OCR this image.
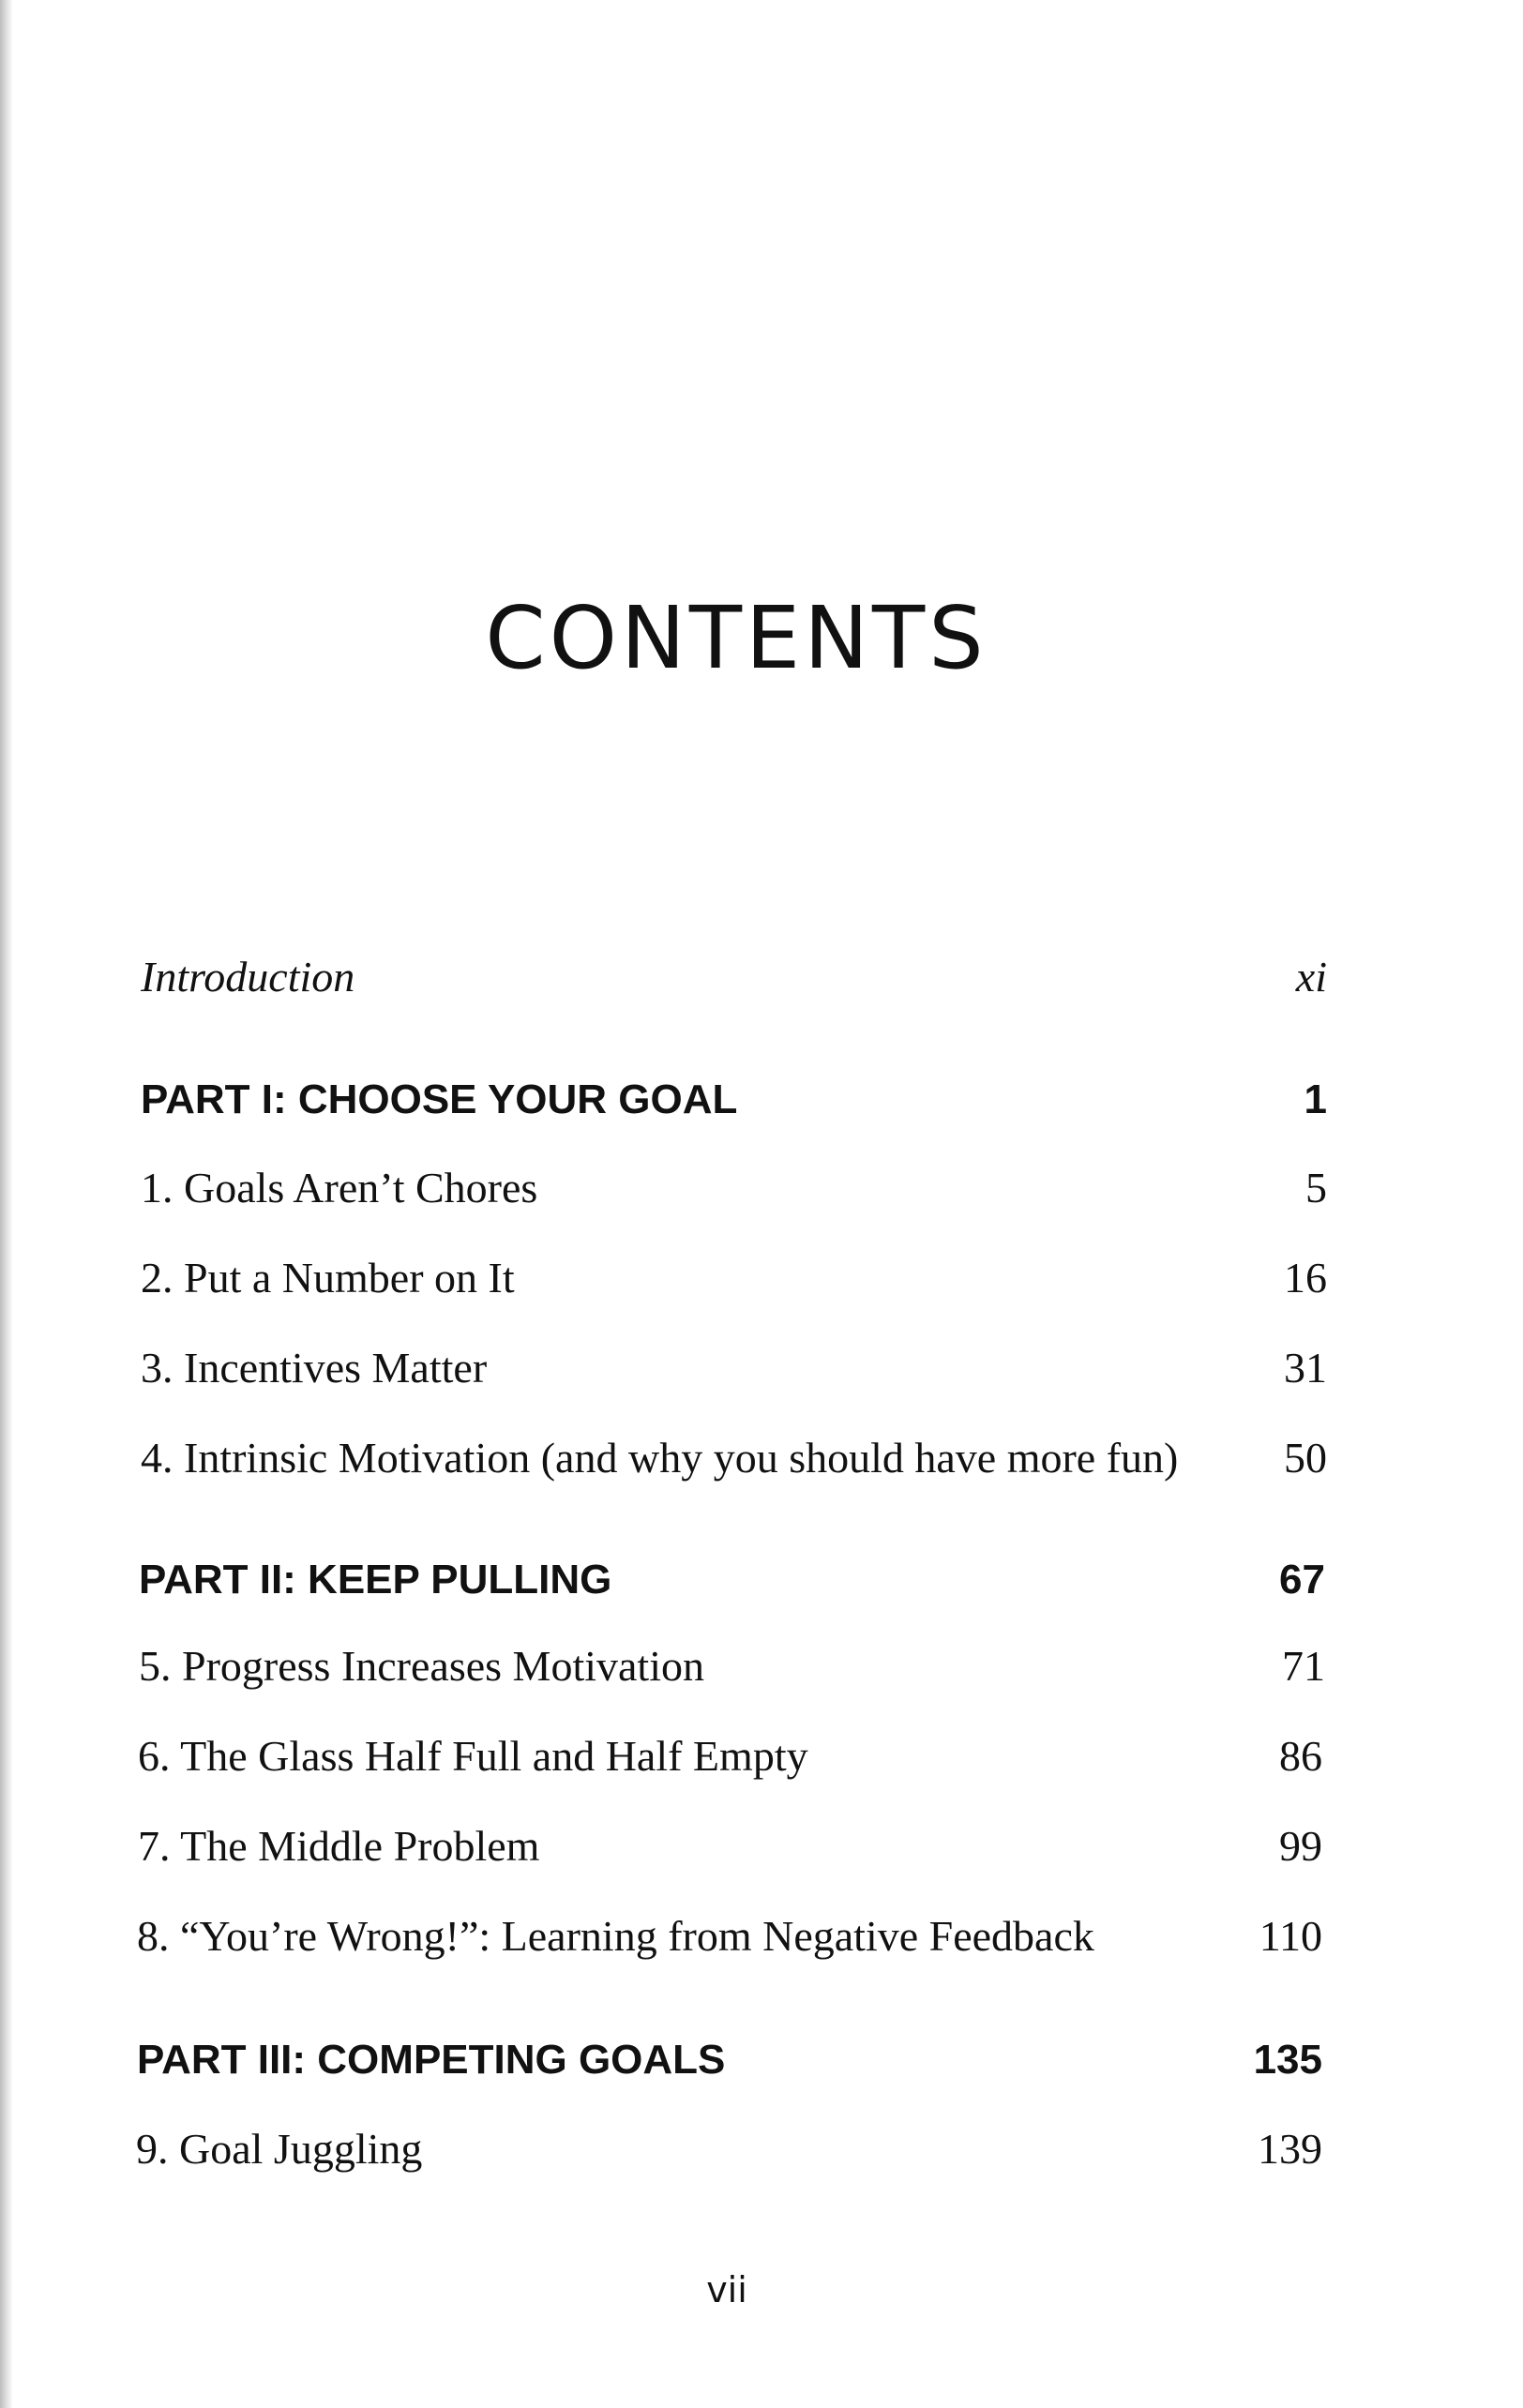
CONTENTS
Introduction	xi
PART I: CHOOSE YOUR GOAL	1
1. Goals Aren’t Chores	5
2. Put a Number on It	16
3. Incentives Matter	31
4. Intrinsic Motivation (and why you should have more fun) 50
PART II: KEEP PULLING	67
5. Progress Increases Motivation	71
6. The Glass Half Full and Half Empty	86
7. The Middle Problem	99
8. “You’re Wrong!”: Learning from Negative Feedback	110
PART III: COMPETING GOALS	135
9. Goal Juggling	139
vii
